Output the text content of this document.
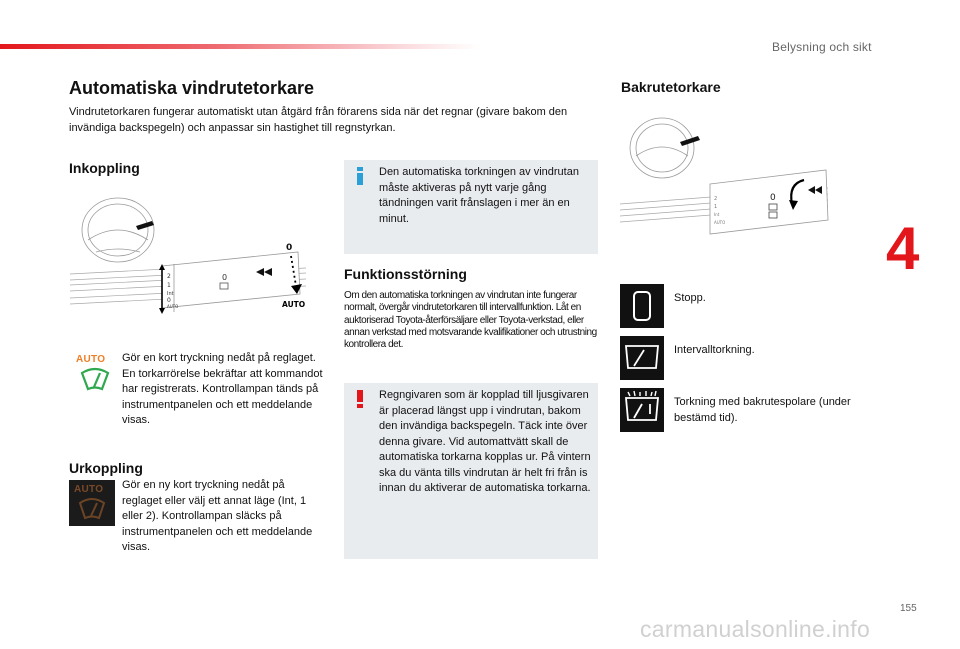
Belysning och sikt
4
Automatiska vindrutetorkare
Vindrutetorkaren fungerar automatiskt utan åtgärd från förarens sida när det regnar (givare bakom den invändiga backspegeln) och anpassar sin hastighet till regnstyrkan.
Inkoppling
2
1
Int
0
AUTO
0
0
AUTO
AUTO Gör en kort tryckning nedåt på reglaget. En torkarrörelse bekräftar att kommandot har registrerats. Kontrollampan tänds på instrumentpanelen och ett meddelande visas.
Urkoppling
AUTO Gör en ny kort tryckning nedåt på reglaget eller välj ett annat läge (Int, 1 eller 2). Kontrollampan släcks på instrumentpanelen och ett meddelande visas.
Den automatiska torkningen av vindrutan måste aktiveras på nytt varje gång tändningen varit frånslagen i mer än en minut.
Funktionsstörning
Om den automatiska torkningen av vindrutan inte fungerar normalt, övergår vindrutetorkaren till intervallfunktion. Låt en auktoriserad Toyota-återförsäljare eller Toyota-verkstad, eller annan verkstad med motsvarande kvalifikationer och utrustning kontrollera det.
Regngivaren som är kopplad till ljusgivaren är placerad längst upp i vindrutan, bakom den invändiga backspegeln. Täck inte över denna givare. Vid automattvätt skall de automatiska torkarna kopplas ur. På vintern ska du vänta tills vindrutan är helt fri från is innan du aktiverar de automatiska torkarna.
Bakrutetorkare
2
1
Int
AUTO
0
Stopp.
Intervalltorkning.
Torkning med bakrutespolare (under bestämd tid).
155
carmanualsonline.info
